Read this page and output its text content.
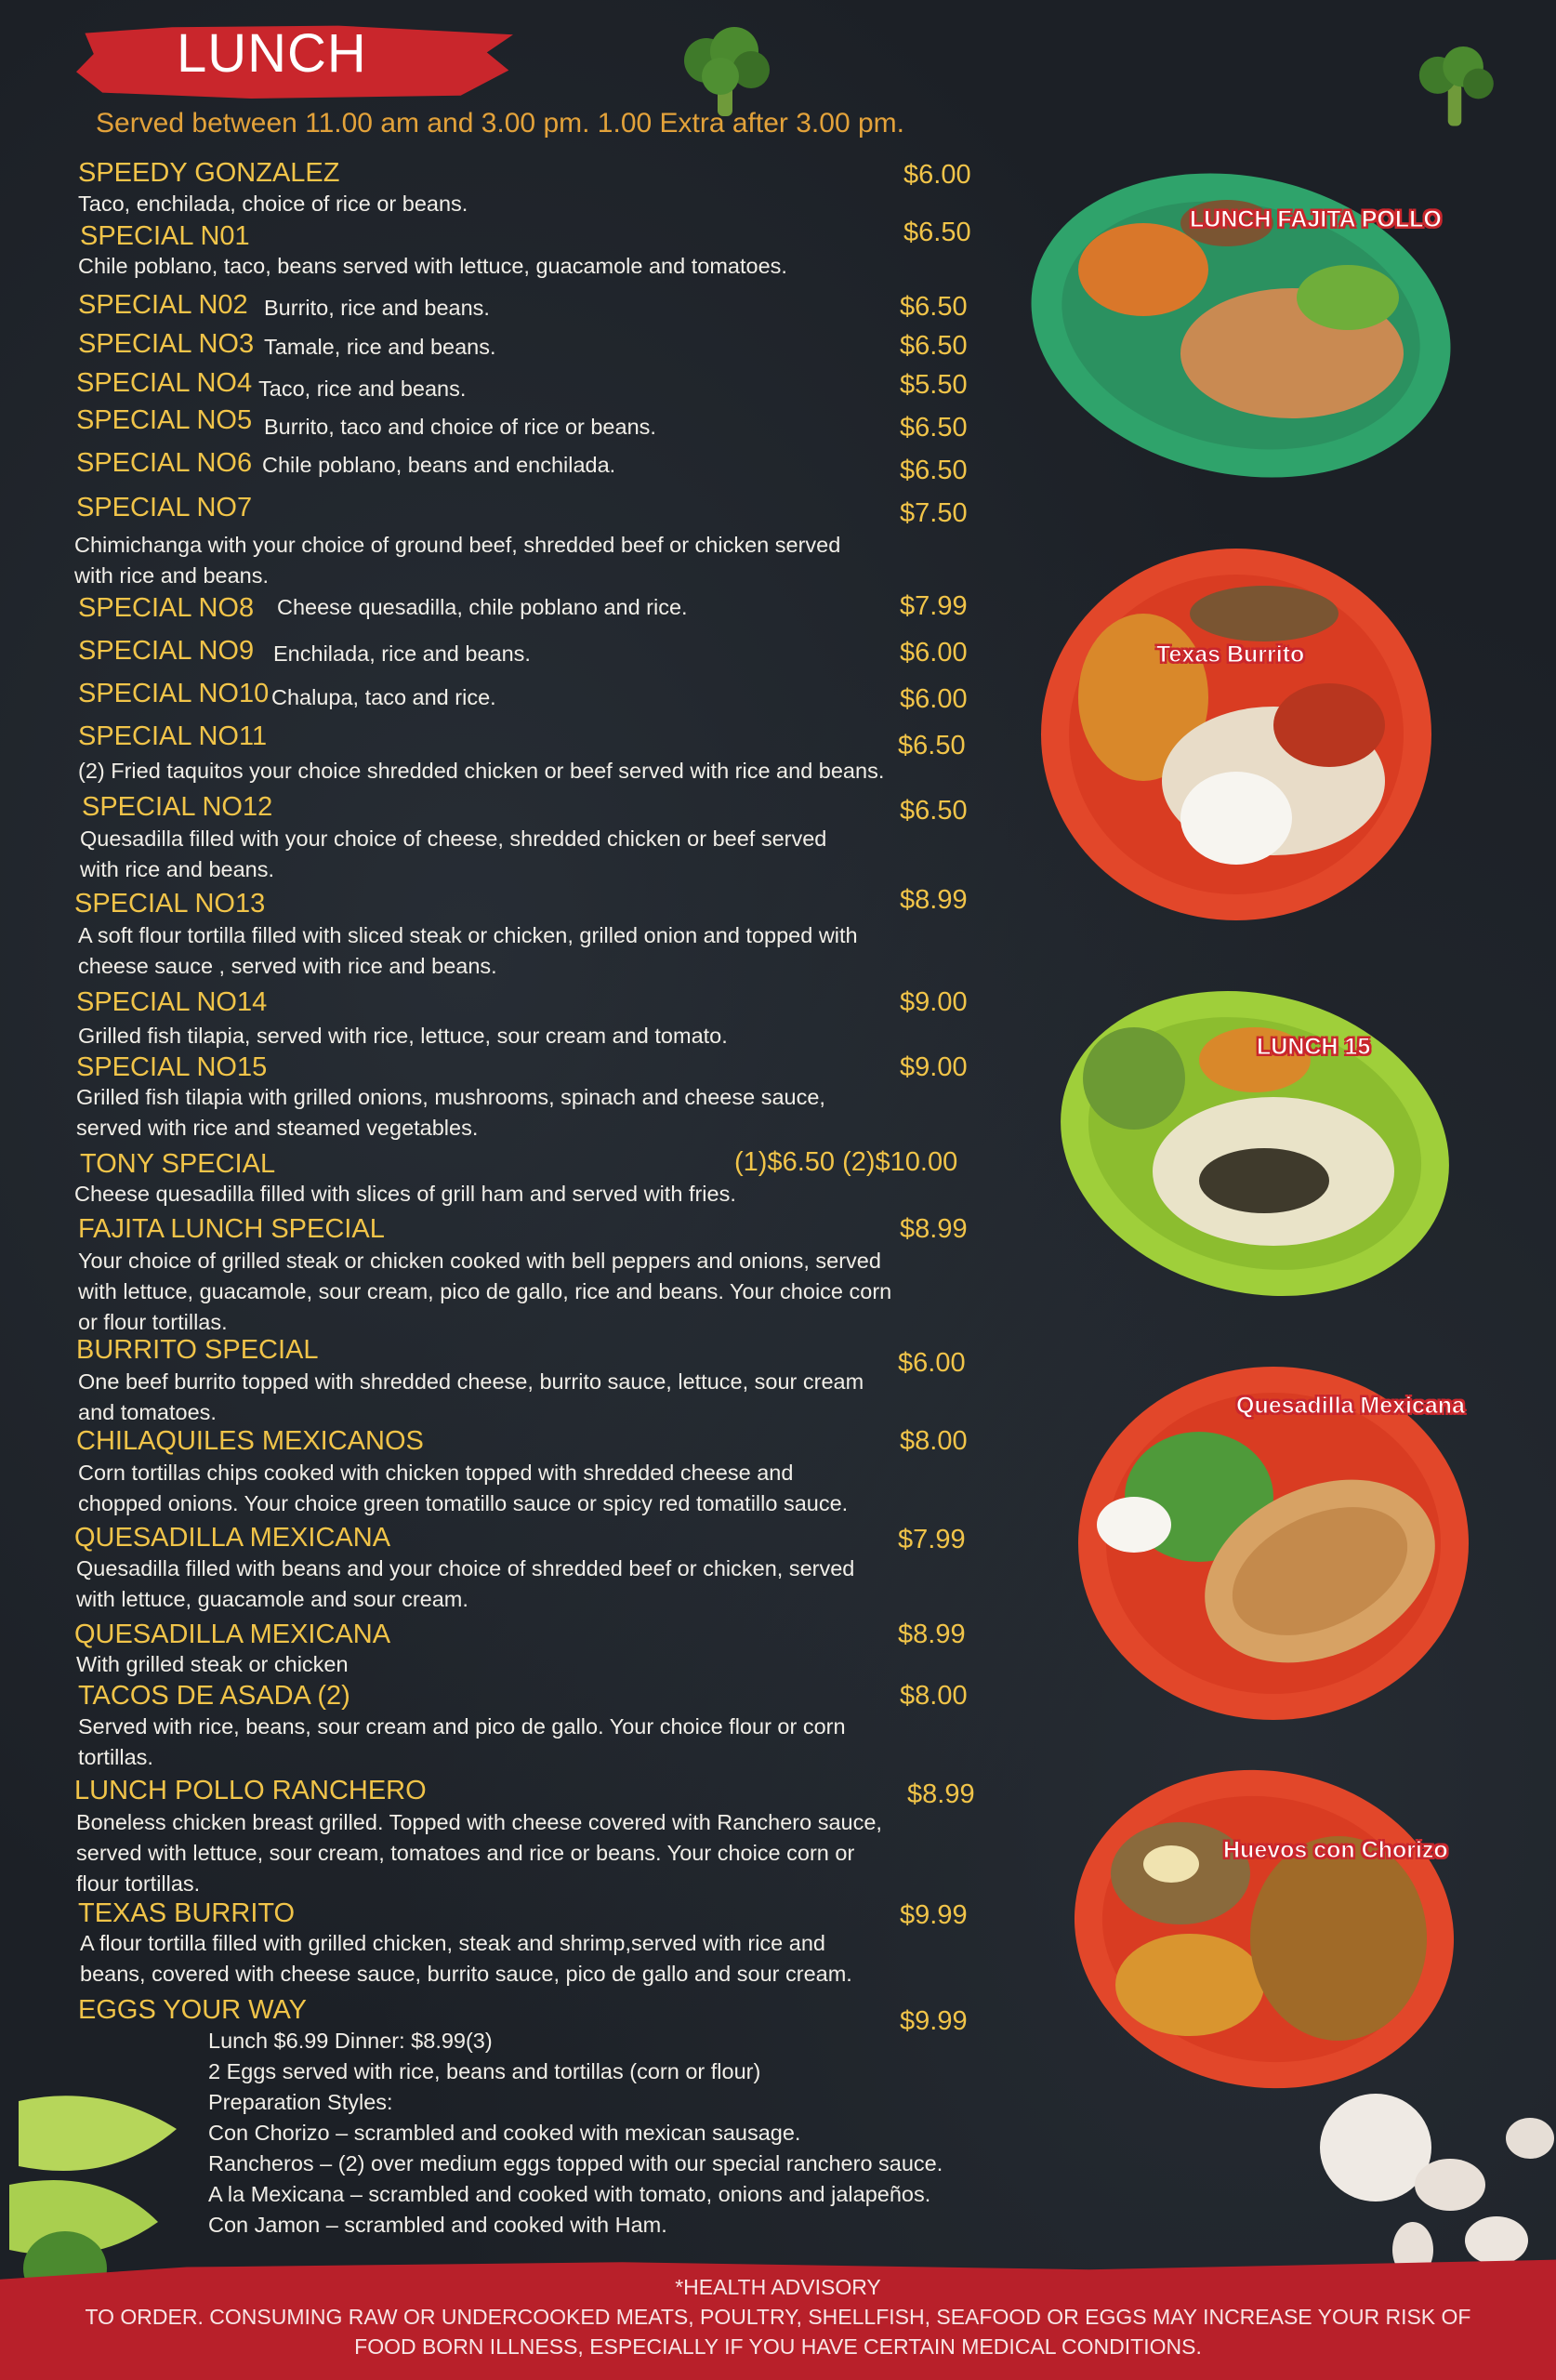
LUNCH
Served between 11.00 am and 3.00 pm. 1.00 Extra after 3.00 pm.
SPEEDY GONZALEZ	$6.00
Taco, enchilada, choice of rice or beans.
SPECIAL N01	$6.50
Chile poblano, taco, beans served with lettuce, guacamole and tomatoes.
SPECIAL N02 Burrito, rice and beans.	$6.50
SPECIAL NO3 Tamale, rice and beans.	$6.50
SPECIAL NO4 Taco, rice and beans.	$5.50
SPECIAL NO5 Burrito, taco and choice of rice or beans.	$6.50
SPECIAL NO6 Chile poblano, beans and enchilada.	$6.50
SPECIAL NO7	$7.50
Chimichanga with your choice of ground beef, shredded beef or chicken served
with rice and beans.
SPECIAL NO8 Cheese quesadilla, chile poblano and rice.	$7.99
SPECIAL NO9 Enchilada, rice and beans.	$6.00
SPECIAL NO10 Chalupa, taco and rice.	$6.00
SPECIAL NO11	$6.50
(2) Fried taquitos your choice shredded chicken or beef served with rice and beans.
SPECIAL NO12	$6.50
Quesadilla filled with your choice of cheese, shredded chicken or beef served
with rice and beans.
SPECIAL NO13	$8.99
A soft flour tortilla filled with sliced steak or chicken, grilled onion and topped with
cheese sauce , served with rice and beans.
SPECIAL NO14	$9.00
Grilled fish tilapia, served with rice, lettuce, sour cream and tomato.
SPECIAL NO15	$9.00
Grilled fish tilapia with grilled onions, mushrooms, spinach and cheese sauce,
served with rice and steamed vegetables.
TONY SPECIAL	(1)$6.50 (2)$10.00
Cheese quesadilla filled with slices of grill ham and served with fries.
FAJITA LUNCH SPECIAL	$8.99
Your choice of grilled steak or chicken cooked with bell peppers and onions, served
with lettuce, guacamole, sour cream, pico de gallo, rice and beans. Your choice corn
or flour tortillas.
BURRITO SPECIAL	$6.00
One beef burrito topped with shredded cheese, burrito sauce, lettuce, sour cream
and tomatoes.
CHILAQUILES MEXICANOS	$8.00
Corn tortillas chips cooked with chicken topped with shredded cheese and
chopped onions. Your choice green tomatillo sauce or spicy red tomatillo sauce.
QUESADILLA MEXICANA	$7.99
Quesadilla filled with beans and your choice of shredded beef or chicken, served
with lettuce, guacamole and sour cream.
QUESADILLA MEXICANA	$8.99
With grilled steak or chicken
TACOS DE ASADA (2)	$8.00
Served with rice, beans, sour cream and pico de gallo. Your choice flour or corn
tortillas.
LUNCH POLLO RANCHERO	$8.99
Boneless chicken breast grilled. Topped with cheese covered with Ranchero sauce,
served with lettuce, sour cream, tomatoes and rice or beans. Your choice corn or
flour tortillas.
TEXAS BURRITO	$9.99
A flour tortilla filled with grilled chicken, steak and shrimp,served with rice and
beans, covered with cheese sauce, burrito sauce, pico de gallo and sour cream.
EGGS YOUR WAY	$9.99
Lunch $6.99 Dinner: $8.99(3)
2 Eggs served with rice, beans and tortillas (corn or flour)
Preparation Styles:
Con Chorizo – scrambled and cooked with mexican sausage.
Rancheros – (2) over medium eggs topped with our special ranchero sauce.
A la Mexicana – scrambled and cooked with tomato, onions and jalapeños.
Con Jamon – scrambled and cooked with Ham.
LUNCH FAJITA POLLO
Texas Burrito
LUNCH 15
Quesadilla Mexicana
Huevos con Chorizo
*HEALTH ADVISORY
TO ORDER. CONSUMING RAW OR UNDERCOOKED MEATS, POULTRY, SHELLFISH, SEAFOOD OR EGGS MAY INCREASE YOUR RISK OF
FOOD BORN ILLNESS, ESPECIALLY IF YOU HAVE CERTAIN MEDICAL CONDITIONS.
